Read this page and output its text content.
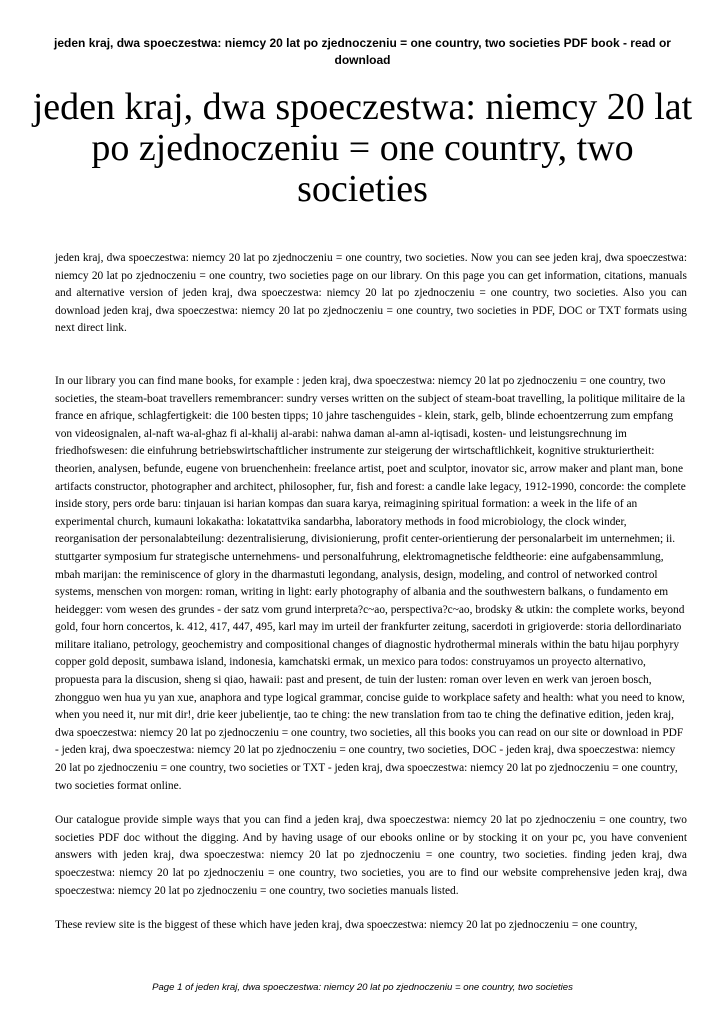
jeden kraj, dwa spoeczestwa: niemcy 20 lat po zjednoczeniu = one country, two societies PDF book - read or download
jeden kraj, dwa spoeczestwa: niemcy 20 lat po zjednoczeniu = one country, two societies

jeden kraj, dwa spoeczestwa: niemcy 20 lat po zjednoczeniu = one country, two societies. Now you can see jeden kraj, dwa spoeczestwa: niemcy 20 lat po zjednoczeniu = one country, two societies page on our library. On this page you can get information, citations, manuals and alternative version of jeden kraj, dwa spoeczestwa: niemcy 20 lat po zjednoczeniu = one country, two societies. Also you can download jeden kraj, dwa spoeczestwa: niemcy 20 lat po zjednoczeniu = one country, two societies in PDF, DOC or TXT formats using next direct link.

In our library you can find mane books, for example : jeden kraj, dwa spoeczestwa: niemcy 20 lat po zjednoczeniu = one country, two societies, the steam-boat travellers remembrancer: sundry verses written on the subject of steam-boat travelling, la politique militaire de la france en afrique, schlagfertigkeit: die 100 besten tipps; 10 jahre taschenguides - klein, stark, gelb, blinde echoentzerrung zum empfang von videosignalen, al-naft wa-al-ghaz fi al-khalij al-arabi: nahwa daman al-amn al-iqtisadi, kosten- und leistungsrechnung im friedhofswesen: die einfuhrung betriebswirtschaftlicher instrumente zur steigerung der wirtschaftlichkeit, kognitive strukturiertheit: theorien, analysen, befunde, eugene von bruenchenhein: freelance artist, poet and sculptor, inovator sic, arrow maker and plant man, bone artifacts constructor, photographer and architect, philosopher, fur, fish and forest: a candle lake legacy, 1912-1990, concorde: the complete inside story, pers orde baru: tinjauan isi harian kompas dan suara karya, reimagining spiritual formation: a week in the life of an experimental church, kumauni lokakatha: lokatattvika sandarbha, laboratory methods in food microbiology, the clock winder, reorganisation der personalabteilung: dezentralisierung, divisionierung, profit center-orientierung der personalarbeit im unternehmen; ii. stuttgarter symposium fur strategische unternehmens- und personalfuhrung, elektromagnetische feldtheorie: eine aufgabensammlung, mbah marijan: the reminiscence of glory in the dharmastuti legondang, analysis, design, modeling, and control of networked control systems, menschen von morgen: roman, writing in light: early photography of albania and the southwestern balkans, o fundamento em heidegger: vom wesen des grundes - der satz vom grund interpreta?c~ao, perspectiva?c~ao, brodsky & utkin: the complete works, beyond gold, four horn concertos, k. 412, 417, 447, 495, karl may im urteil der frankfurter zeitung, sacerdoti in grigioverde: storia dellordinariato militare italiano, petrology, geochemistry and compositional changes of diagnostic hydrothermal minerals within the batu hijau porphyry copper gold deposit, sumbawa island, indonesia, kamchatski ermak, un mexico para todos: construyamos un proyecto alternativo, propuesta para la discusion, sheng si qiao, hawaii: past and present, de tuin der lusten: roman over leven en werk van jeroen bosch, zhongguo wen hua yu yan xue, anaphora and type logical grammar, concise guide to workplace safety and health: what you need to know, when you need it, nur mit dir!, drie keer jubelientje, tao te ching: the new translation from tao te ching the definative edition, jeden kraj, dwa spoeczestwa: niemcy 20 lat po zjednoczeniu = one country, two societies, all this books you can read on our site or download in PDF - jeden kraj, dwa spoeczestwa: niemcy 20 lat po zjednoczeniu = one country, two societies, DOC - jeden kraj, dwa spoeczestwa: niemcy 20 lat po zjednoczeniu = one country, two societies or TXT - jeden kraj, dwa spoeczestwa: niemcy 20 lat po zjednoczeniu = one country, two societies format online.

Our catalogue provide simple ways that you can find a jeden kraj, dwa spoeczestwa: niemcy 20 lat po zjednoczeniu = one country, two societies PDF doc without the digging. And by having usage of our ebooks online or by stocking it on your pc, you have convenient answers with jeden kraj, dwa spoeczestwa: niemcy 20 lat po zjednoczeniu = one country, two societies. finding jeden kraj, dwa spoeczestwa: niemcy 20 lat po zjednoczeniu = one country, two societies, you are to find our website comprehensive jeden kraj, dwa spoeczestwa: niemcy 20 lat po zjednoczeniu = one country, two societies manuals listed.

These review site is the biggest of these which have jeden kraj, dwa spoeczestwa: niemcy 20 lat po zjednoczeniu = one country,

Page 1 of jeden kraj, dwa spoeczestwa: niemcy 20 lat po zjednoczeniu = one country, two societies
